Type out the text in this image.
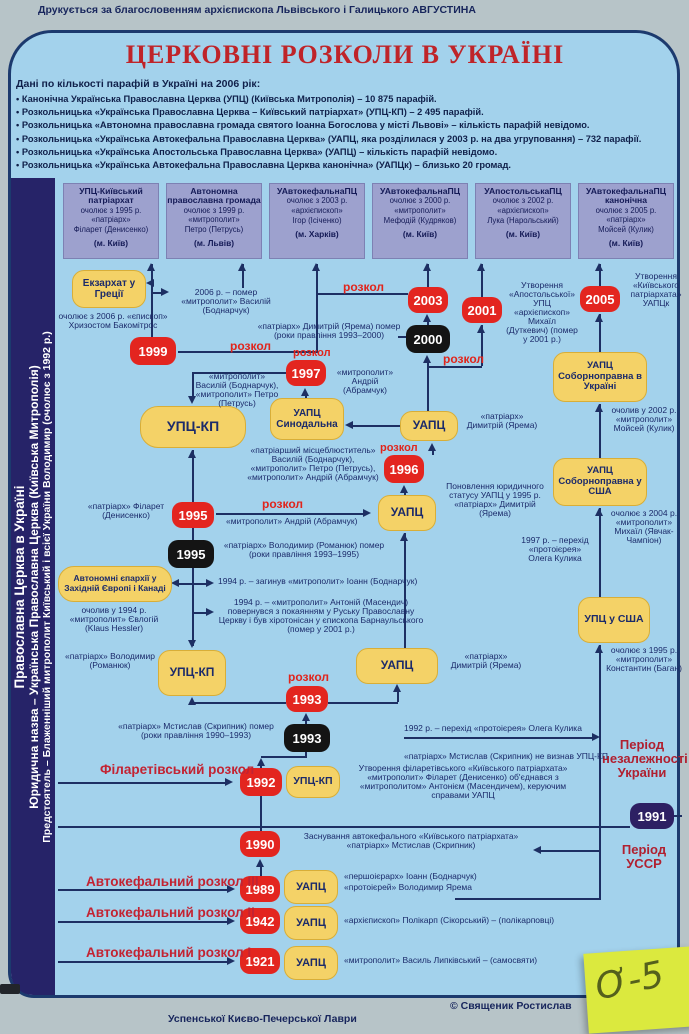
Друкується за благословенням архієпископа Львівського і Галицького АВГУСТИНА
ЦЕРКОВНІ РОЗКОЛИ В УКРАЇНІ
Дані по кількості парафій в Україні на 2006 рік:
• Канонічна Українська Православна Церква (УПЦ) (Київська Митрополія) – 10 875 парафій.
• Розкольницька «Українська Православна Церква – Київський патріархат» (УПЦ-КП) – 2 495 парафій.
• Розкольницька «Автономна православна громада святого Іоанна Богослова у місті Львові» – кількість парафій невідомо.
• Розкольницька «Українська Автокефальна Православна Церква» (УАПЦ, яка розділилася у 2003 р. на два угруповання) – 732 парафії.
• Розкольницька «Українська Апостольська Православна Церква» (УАПЦ) – кількість парафій невідомо.
• Розкольницька «Українська Автокефальна Православна Церква канонічна» (УАПЦк) – близько 20 громад.
Православна Церква в Україні Юридична назва – Українська Православна Церква (Київська Митрополія) Предстоятель – Блаженніший митрополит Київський і всієї України Володимир (очолює з 1992 р.)
УПЦ-Київський патріархат
очолює з 1995 р.
«патріарх»
Філарет (Денисенко)
(м. Київ)
Автономна православна громада
очолює з 1999 р.
«митрополит»
Петро (Петрусь)
(м. Львів)
УАвтокефальнаПЦ
очолює з 2003 р.
«архієпископ»
Ігор (Ісіченко)
(м. Харків)
УАвтокефальнаПЦ
очолює з 2000 р.
«митрополит»
Мефодій (Кудряков)
(м. Київ)
УАпостольськаПЦ
очолює з 2002 р.
«архієпископ»
Лука (Нарольський)
(м. Київ)
УАвтокефальнаПЦ канонічна
очолює з 2005 р.
«патріарх»
Мойсей (Кулик)
(м. Київ)
Екзархат у Греції
УПЦ-КП
УАПЦ Синодальна	УАПЦ
УАПЦ
УАПЦ Соборноправна в Україні
УАПЦ Соборноправна у США
УПЦ у США
Автономні єпархії у Західній Європі і Канаді
УПЦ-КП	УАПЦ
УПЦ-КП
УАПЦ
УАПЦ
УАПЦ
1999
1997
2003
2000
2001
2005
1996
1995
1995
1993
1993
1992
1991
1990
1989
1942
1921
розкол розкол
розкол
розкол
розкол
розкол
розкол
Філаретівський розкол
Автокефальний розкол III
Автокефальний розкол II
Автокефальний розкол I
Період незалежності України
Період УССР
очолює з 2006 р. «єпископ» Хризостом Бакомітрос
2006 р. – помер «митрополит» Василій (Боднарчук)
Утворення «Апостольської» УПЦ «архієпископ» Михаїл (Дуткевич) (помер у 2001 р.)
Утворення «Київського патріархата» УАПЦк
«патріарх» Димитрій (Ярема) помер (роки правління 1993–2000)
«митрополит» Василій (Боднарчук), «митрополит» Петро (Петрусь)
«митрополит» Андрій (Абрамчук)
«патріарший місцеблюститель» Василій (Боднарчук), «митрополит» Петро (Петрусь), «митрополит» Андрій (Абрамчук)
«патріарх» Димитрій (Ярема)
Поновлення юридичного статусу УАПЦ у 1995 р. «патріарх» Димитрій (Ярема)
очолив у 2002 р. «митрополит» Мойсей (Кулик)
очолює з 2004 р. «митрополит» Михаїл (Явчак-Чампіон)
1997 р. – перехід «протоієрея» Олега Кулика
«патріарх» Філарет (Денисенко)
«митрополит» Андрій (Абрамчук)
«патріарх» Володимир (Романюк) помер (роки правління 1993–1995)
1994 р. – загинув «митрополит» Іоанн (Боднарчук)
очолив у 1994 р. «митрополит» Євлогій (Klaus Hessler)
1994 р. – «митрополит» Антоній (Масендич) повернувся з покаянням у Руську Православну Церкву і був хіротонісан у єпископа Барнаульського (помер у 2001 р.)
«патріарх» Володимир (Романюк)
«патріарх» Димитрій (Ярема)
«патріарх» Мстислав (Скрипник) помер (роки правління 1990–1993)
очолює з 1995 р. «митрополит» Константин (Баган)
1992 р. – перехід «протоієрея» Олега Кулика
«патріарх» Мстислав (Скрипник) не визнав УПЦ-КП
Утворення філаретівського «Київського патріархата» «митрополит» Філарет (Денисенко) об'єднався з «митрополитом» Антонієм (Масендичем), керуючим справами УАПЦ
Заснування автокефального «Київського патріархата» «патріарх» Мстислав (Скрипник)
«першоієрарх» Іоанн (Боднарчук)
«протоієрей» Володимир Ярема
«архієпископ» Полікарп (Сікорський) – (полікарповці)
«митрополит» Василь Липківський – (самосвяти)
© Священик Ростислав
Успенської Києво-Печерської Лаври
Ơ-5
